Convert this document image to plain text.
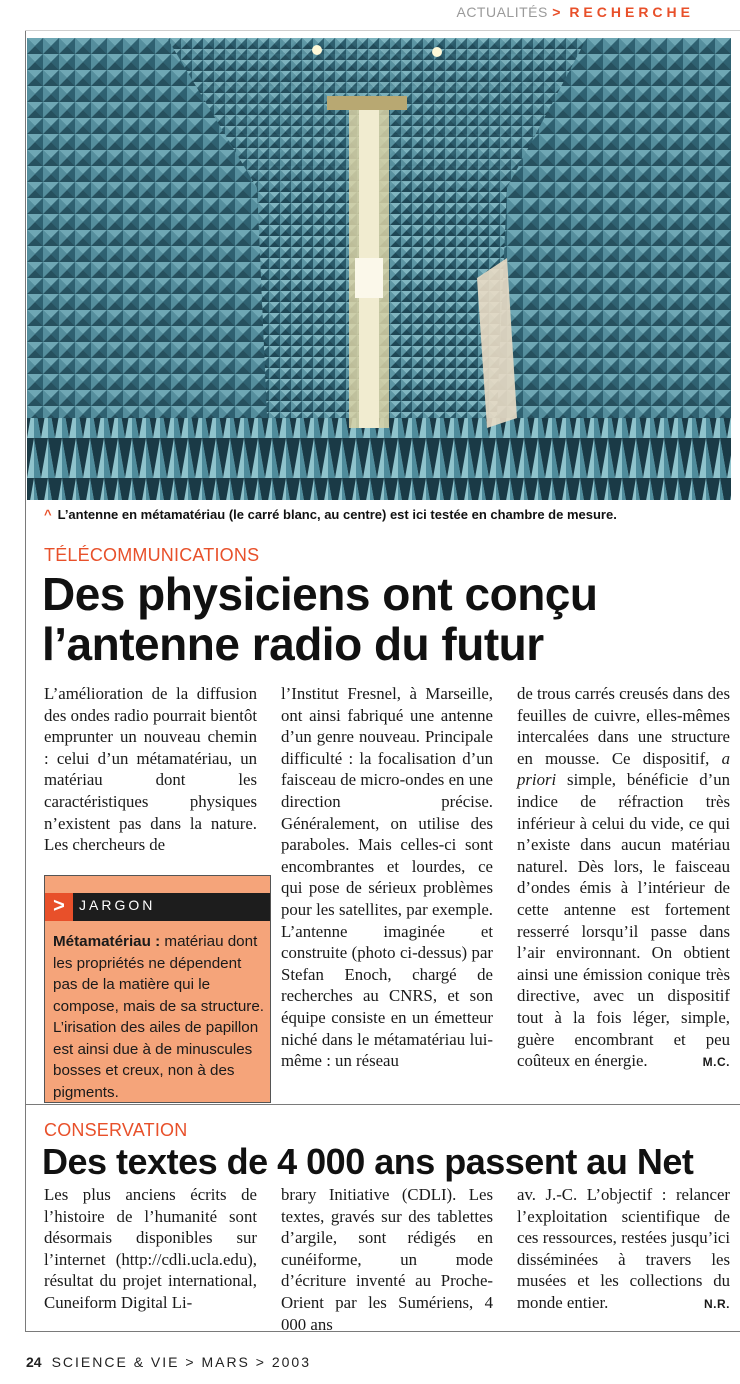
ACTUALITÉS > RECHERCHE
^ L’antenne en métamatériau (le carré blanc, au centre) est ici testée en chambre de mesure.
TÉLÉCOMMUNICATIONS
Des physiciens ont conçu
l’antenne radio du futur

L’amélioration de la diffusion des ondes radio pourrait bientôt emprunter un nouveau chemin : celui d’un métamatériau, un matériau dont les caractéristiques physiques n’existent pas dans la nature. Les chercheurs de

>	JARGON
Métamatériau : matériau dont les propriétés ne dépendent pas de la matière qui le compose, mais de sa structure. L’irisation des ailes de papillon est ainsi due à de minuscules bosses et creux, non à des pigments.

l’Institut Fresnel, à Marseille, ont ainsi fabriqué une antenne d’un genre nouveau. Principale difficulté : la focalisation d’un faisceau de micro-ondes en une direction précise. Généralement, on utilise des paraboles. Mais celles-ci sont encombrantes et lourdes, ce qui pose de sérieux problèmes pour les satellites, par exemple. L’antenne imaginée et construite (photo ci-dessus) par Stefan Enoch, chargé de recherches au CNRS, et son équipe consiste en un émetteur niché dans le métamatériau lui-même : un réseau

de trous carrés creusés dans des feuilles de cuivre, elles-mêmes intercalées dans une structure en mousse. Ce dispositif, a priori simple, bénéficie d’un indice de réfraction très inférieur à celui du vide, ce qui n’existe dans aucun matériau naturel. Dès lors, le faisceau d’ondes émis à l’intérieur de cette antenne est fortement resserré lorsqu’il passe dans l’air environnant. On obtient ainsi une émission conique très directive, avec un dispositif tout à la fois léger, simple, guère encombrant et peu coûteux en énergie.	M.C.

CONSERVATION
Des textes de 4 000 ans passent au Net

Les plus anciens écrits de l’histoire de l’humanité sont désormais disponibles sur l’internet (http://cdli.ucla.edu), résultat du projet international, Cuneiform Digital Li-

brary Initiative (CDLI). Les textes, gravés sur des tablettes d’argile, sont rédigés en cunéiforme, un mode d’écriture inventé au Proche-Orient par les Sumériens, 4 000 ans

av. J.-C. L’objectif : relancer l’exploitation scientifique de ces ressources, restées jusqu’ici disséminées à travers les musées et les collections du monde entier.	N.R.

24 SCIENCE & VIE > MARS > 2003
